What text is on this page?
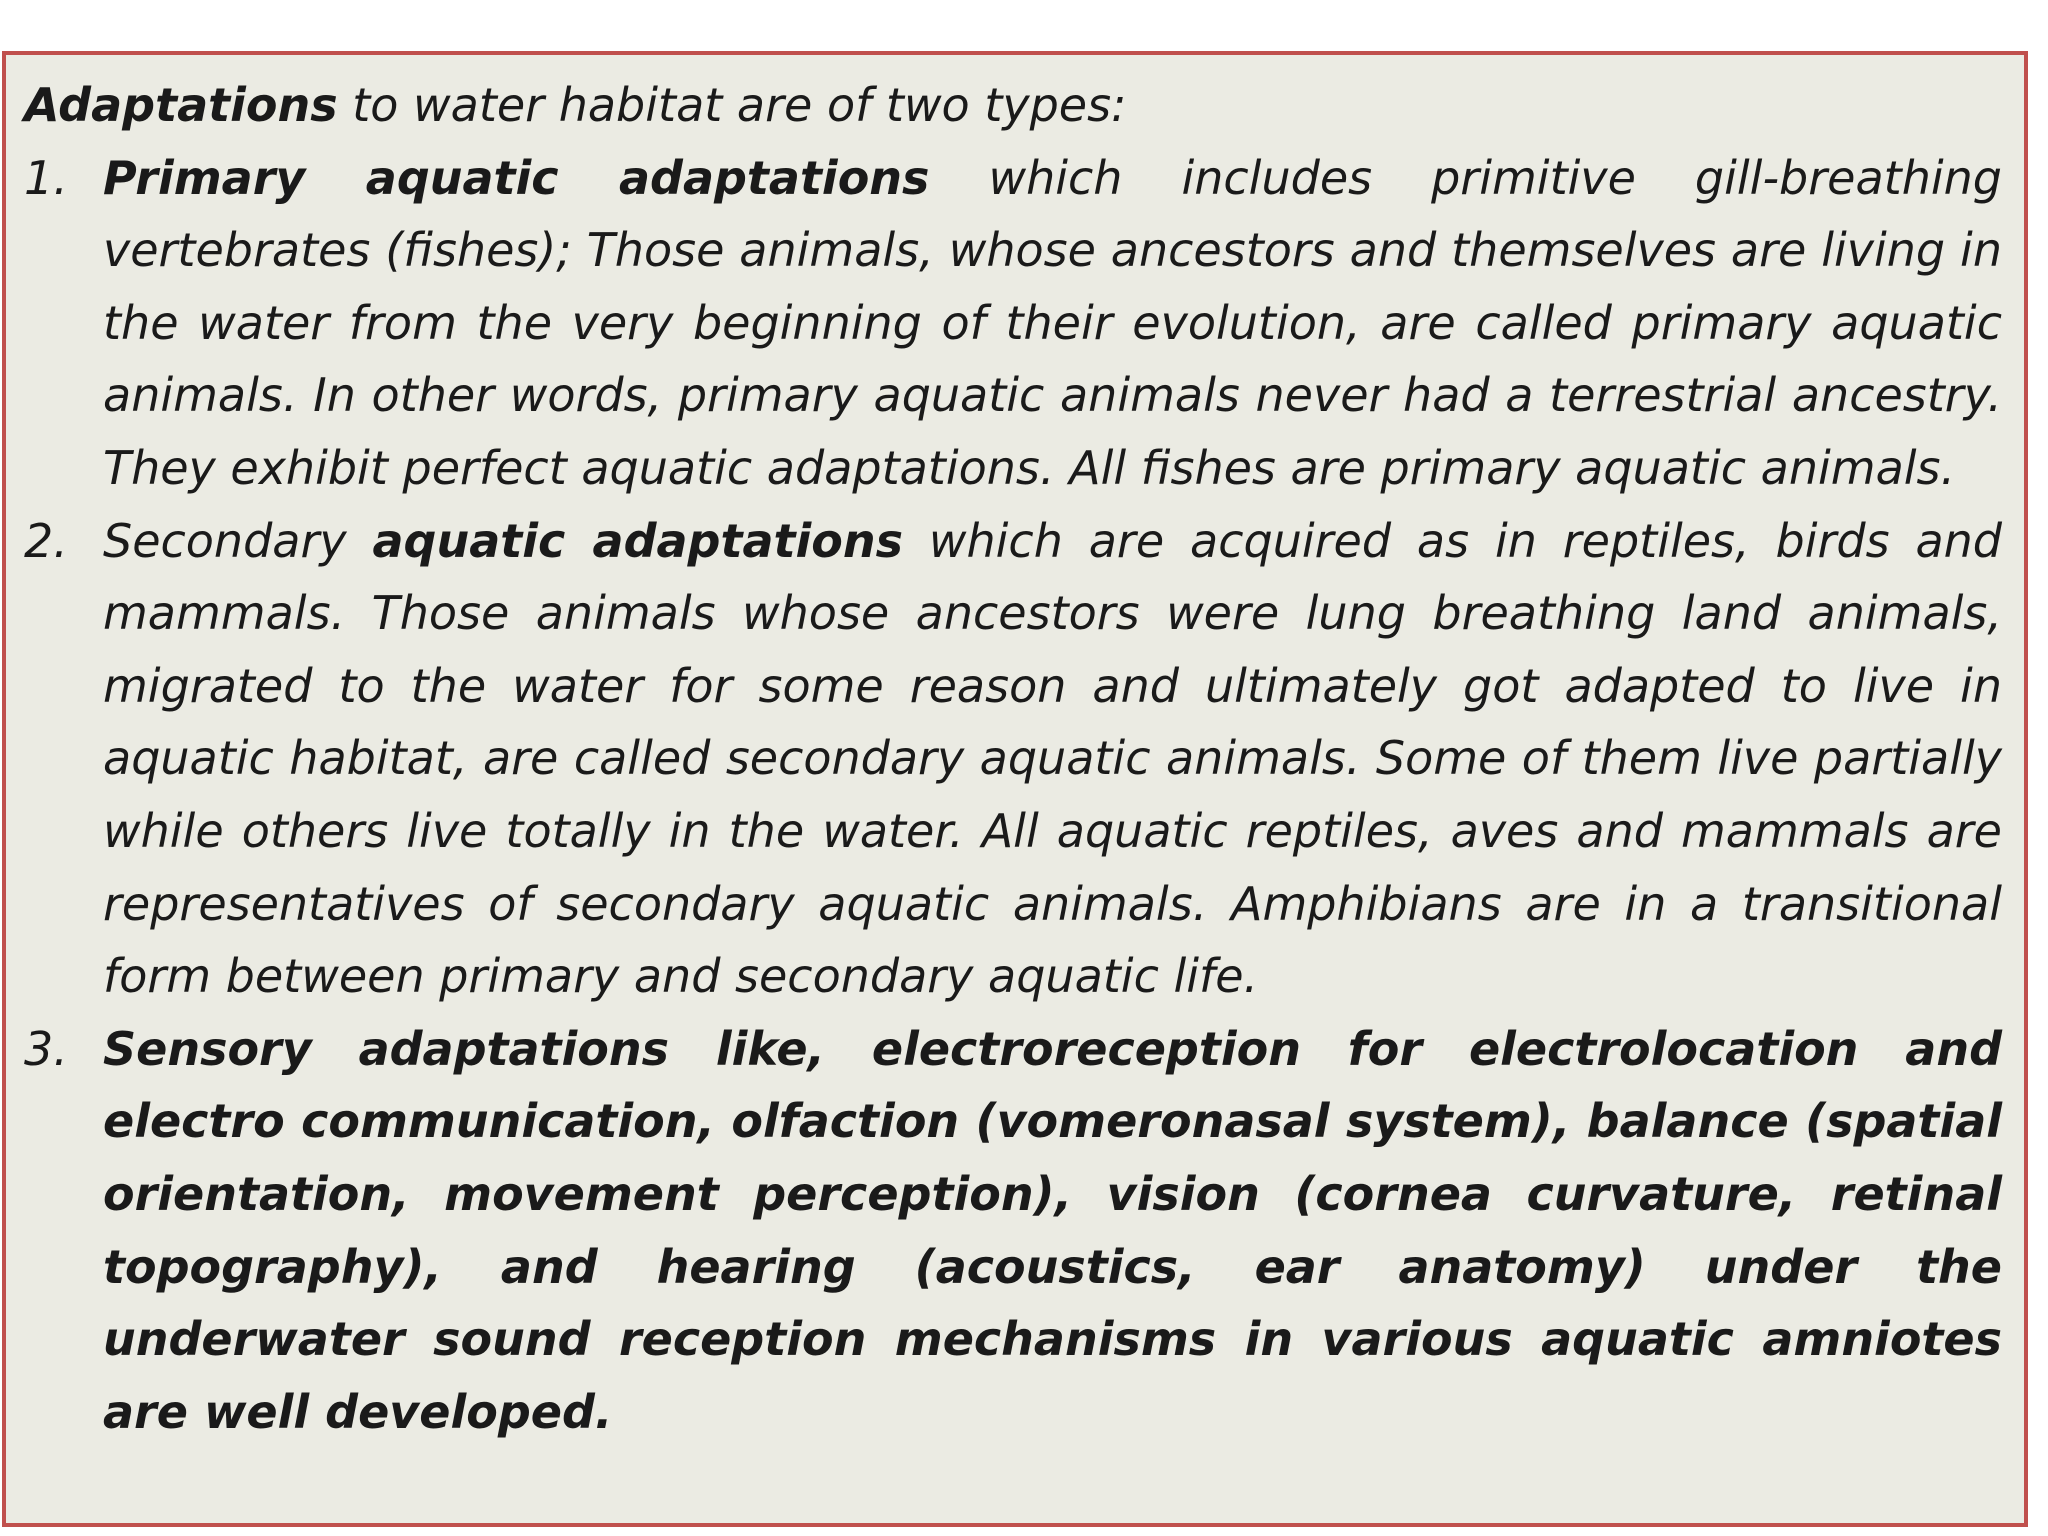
Adaptations to water habitat are of two types:

1. Primary aquatic adaptations which includes primitive gill-breathing vertebrates (fishes); Those animals, whose ancestors and themselves are living in the water from the very beginning of their evolution, are called primary aquatic animals. In other words, primary aquatic animals never had a terrestrial ancestry. They exhibit perfect aquatic adaptations. All fishes are primary aquatic animals.
2. Secondary aquatic adaptations which are acquired as in reptiles, birds and mammals. Those animals whose ancestors were lung breathing land animals, migrated to the water for some reason and ultimately got adapted to live in aquatic habitat, are called secondary aquatic animals. Some of them live partially while others live totally in the water. All aquatic reptiles, aves and mammals are representatives of secondary aquatic animals. Amphibians are in a transitional form between primary and secondary aquatic life.
3. Sensory adaptations like, electroreception for electrolocation and electro communication, olfaction (vomeronasal system), balance (spatial orientation, movement perception), vision (cornea curvature, retinal topography), and hearing (acoustics, ear anatomy) under the underwater sound reception mechanisms in various aquatic amniotes are well developed.
